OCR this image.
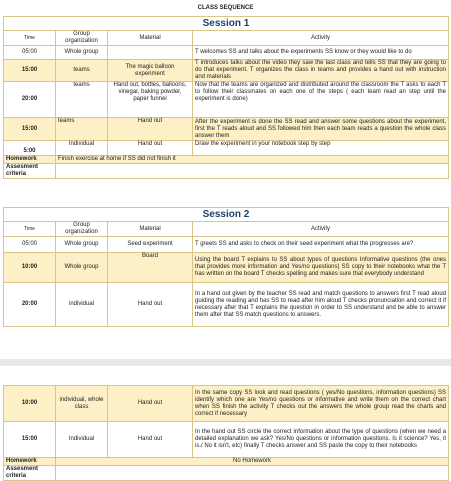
CLASS SEQUENCE
Session 1			
Time	Group organization	Material	Activity
05:00	Whole group		T welcomes SS and talks about the experiments SS know or they would like to do
15:00	teams	The magic balloon experiment	T introduces talks about the video they saw the last class and tells SS that they are going to do that experiment. T organizes the class in teams and provides a hand out with instruction and materials
20:00	teams	Hand out, bottles, balloons, vinegar, baking powder, paper funnel	Now that the teams are organized and distributed around the classroom the T asks to each T to follow their classmates on each one of the steps ( each team read an step until the experiment is done)
15:00	teams	Hand out	After the experiment is done the SS read and answer some questions about the experiment, first the T reads aloud and SS followed him then each team reads a question the whole class answer them
5:00	Individual	Hand out	Draw the experiment in your notebook step by step
Homework	Finish exercise at home if SS did not finish it		
Assesment criteria			
Session 2			
Time	Group organization	Material	Activity
05:00	Whole group	Seed experiment	T greets SS and asks to check on their seed experiment what the progresses are?
10:00	Whole group	Board	Using the board T explains to SS about types of questions Informative questions (the ones that provides more information and Yes/no questions) SS copy to their notebooks what the T has written on the board T checks spelling and makes sure that everybody understand
20:00	individual	Hand out	In a hand out given by the teacher SS read and match questions to answers first T read aloud guiding the reading and has SS to read after him aloud T checks pronunciation and correct it if necessary after that T explains the question in order to SS understand and be able to answer them after that SS match questions to answers.
10:00	individual, whole class	Hand out	In the same copy SS look and read questions ( yes/No questions, information questions) SS identify which one are Yes/no questions or informative and write them on the correct chart when SS finish the activity T checks out the answers the whole group read the charts and correct if necessary
15:00	Individual	Hand out	In the hand out SS circle the correct information about the type of questions (when we need a detailed explanation we ask? Yes/No questions or information questions. Is it science? Yes, it is./ No it isn't, etc) finally T checks answer and SS paste the copy to their notebooks
Homework	No Homework		
Assesment criteria			
